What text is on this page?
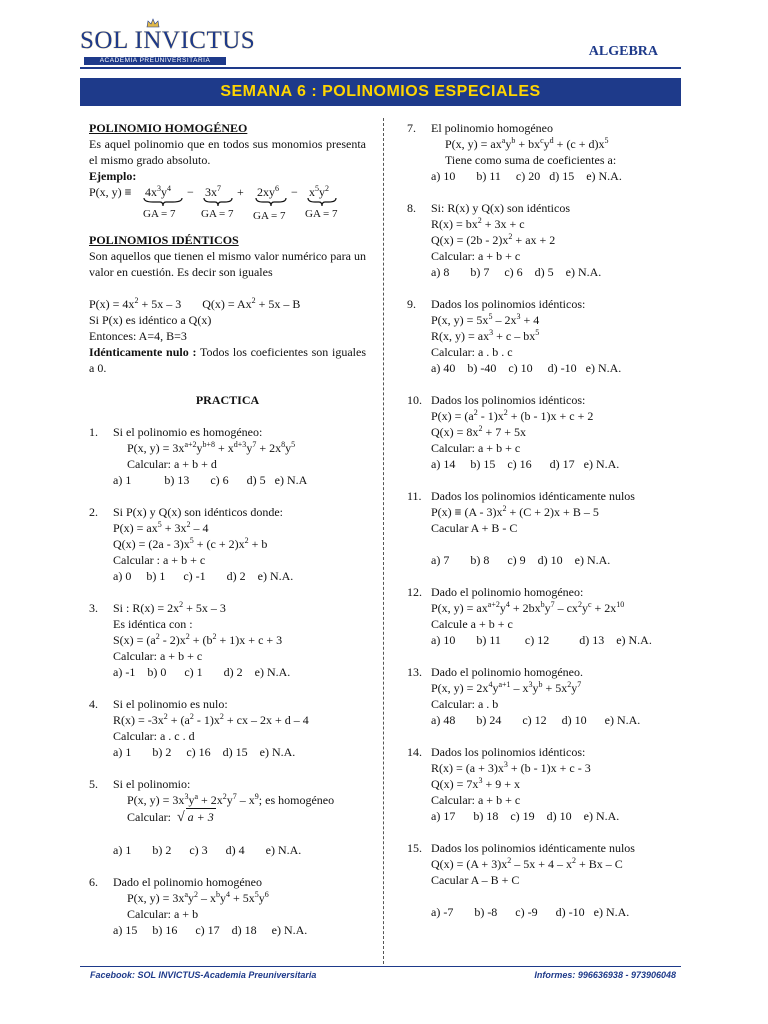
SOL INVICTUS
ACADEMIA PREUNIVERSITARIA
ALGEBRA
SEMANA 6 : POLINOMIOS ESPECIALES
POLINOMIO HOMOGÉNEO
Es aquel polinomio que en todos sus monomios presenta el mismo grado absoluto.
Ejemplo:
P(x, $y) \equiv 4x^3y^4 - 3x^7 + 2xy^6 - x^5y^2$
GA = 7 GA = 7 GA = 7 GA = 7
POLINOMIOS IDÉNTICOS
Son aquellos que tienen el mismo valor numérico para un valor en cuestión. Es decir son iguales
$P(x) = 4x^2 + 5x - 3$       $Q(x) = Ax^2 + 5x - B$
Si P(x) es idéntico a Q(x)
Entonces: A=4, B=3
Idénticamente nulo : Todos los coeficientes son iguales a 0.
PRACTICA
1. Si el polinomio es homogéneo:
P(x, $y) = 3x^{a+2}y^{b+8} + x^{d+3}y^7 + 2x^8y^5$
Calcular: a + b + d
a) 1           b) 13       c) 6      d) 5   e) N.A
2. Si P(x) y Q(x) son idénticos donde:
$P(x) = ax^5 + 3x^2 - 4$
$Q(x) = (2a - 3)x^5 + (c + 2)x^2 + b$
Calcular : a + b + c
a) 0     b) 1      c) -1       d) 2    e) N.A.
3. Si : $R(x) = 2x^2 + 5x - 3$
Es idéntica con :
$S(x) = (a^2 - 2)x^2 + (b^2 + 1)x + c + 3$
Calcular: a + b + c
a) -1    b) 0      c) 1       d) 2    e) N.A.
4. Si el polinomio es nulo:
$R(x) = -3x^2 + (a^2 - 1)x^2$ + cx – 2x + d – 4
Calcular: a . c . d
a) 1       b) 2     c) 16    d) 15    e) N.A.
5. Si el polinomio:
P(x, $y) = 3x^3y^a + 2x^2y^7 - x^9$; es homogéneo
Calcular: √ a + 3
a) 1       b) 2      c) 3      d) 4       e) N.A.
6. Dado el polinomio homogéneo
P(x, $y) = 3x^ay^2 - x^by^4 + 5x^5y^6$
Calcular: a + b
a) 15     b) 16      c) 17    d) 18     e) N.A.
7. El polinomio homogéneo
P(x, $y) = ax^ay^b + bx^cy^d + (c + d)x^5$
Tiene como suma de coeficientes a:
a) 10       b) 11     c) 20   d) 15    e) N.A.
8. Si: R(x) y Q(x) son idénticos
$R(x) = bx^2 + 3x + c$
$Q(x) = (2b - 2)x^2$ + ax + 2
Calcular: a + b + c
a) 8       b) 7     c) 6    d) 5    e) N.A.
9. Dados los polinomios idénticos:
P(x, $y) = 5x^5 - 2x^3 + 4$
R(x, $y) = ax^3 + c - bx^5$
Calcular: a . b . c
a) 40    b) -40    c) 10     d) -10   e) N.A.
10. Dados los polinomios idénticos:
$P(x) = (a^2 - 1)x^2 + (b - 1)x + c + 2$
$Q(x) = 8x^2 + 7 + 5x$
Calcular: a + b + c
a) 14     b) 15    c) 16      d) 17   e) N.A.
11. Dados los polinomios idénticamente nulos
$P(x) \equiv (A - 3)x^2 + (C + 2)x + B - 5$
Cacular A + B - C
a) 7       b) 8      c) 9    d) 10    e) N.A.
12. Dado el polinomio homogéneo:
P(x, $y) = ax^{a+2}y^4 + 2bx^by^7 - cx^2y^c + 2x^{10}$
Calcule a + b + c
a) 10       b) 11        c) 12          d) 13    e) N.A.
13. Dado el polinomio homogéneo.
P(x, $y) = 2x^4y^{a+1} - x^3y^b + 5x^2y^7$
Calcular: a . b
a) 48       b) 24       c) 12     d) 10      e) N.A.
14. Dados los polinomios idénticos:
$R(x) = (a + 3)x^3 + (b - 1)x + c - 3$
$Q(x) = 7x^3 + 9 + x$
Calcular: a + b + c
a) 17      b) 18    c) 19    d) 10    e) N.A.
15. Dados los polinomios idénticamente nulos
$Q(x) = (A + 3)x^2 - 5x + 4 - x^2 + Bx - C$
Cacular A – B + C
a) -7       b) -8      c) -9      d) -10   e) N.A.
Facebook: SOL INVICTUS-Academia Preuniversitaria	Informes: 996636938 - 973906048
